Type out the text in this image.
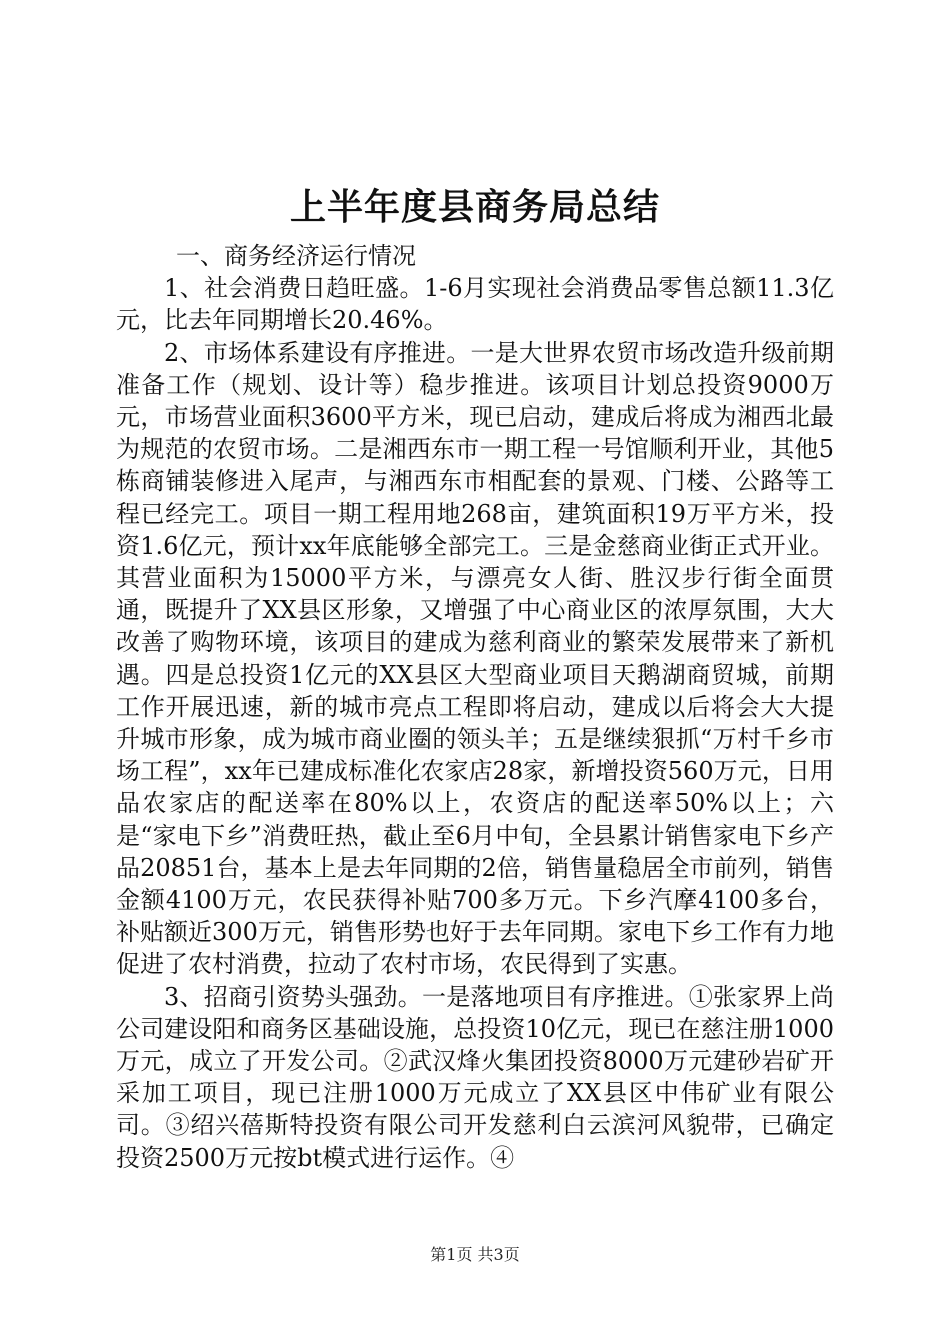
上半年度县商务局总结

一、商务经济运行情况

1、社会消费日趋旺盛。1-6月实现社会消费品零售总额11.3亿元，比去年同期增长20.46%。

2、市场体系建设有序推进。一是大世界农贸市场改造升级前期准备工作（规划、设计等）稳步推进。该项目计划总投资9000万元，市场营业面积3600平方米，现已启动，建成后将成为湘西北最为规范的农贸市场。二是湘西东市一期工程一号馆顺利开业，其他5栋商铺装修进入尾声，与湘西东市相配套的景观、门楼、公路等工程已经完工。项目一期工程用地268亩，建筑面积19万平方米，投资1.6亿元，预计xx年底能够全部完工。三是金慈商业街正式开业。其营业面积为15000平方米，与漂亮女人街、胜汉步行街全面贯通，既提升了XX县区形象，又增强了中心商业区的浓厚氛围，大大改善了购物环境，该项目的建成为慈利商业的繁荣发展带来了新机遇。四是总投资1亿元的XX县区大型商业项目天鹅湖商贸城，前期工作开展迅速，新的城市亮点工程即将启动，建成以后将会大大提升城市形象，成为城市商业圈的领头羊；五是继续狠抓“万村千乡市场工程”，xx年已建成标准化农家店28家，新增投资560万元，日用品农家店的配送率在80%以上，农资店的配送率50%以上；六是“家电下乡”消费旺热，截止至6月中旬，全县累计销售家电下乡产品20851台，基本上是去年同期的2倍，销售量稳居全市前列，销售金额4100万元，农民获得补贴700多万元。下乡汽摩4100多台，补贴额近300万元，销售形势也好于去年同期。家电下乡工作有力地促进了农村消费，拉动了农村市场，农民得到了实惠。

3、招商引资势头强劲。一是落地项目有序推进。①张家界上尚公司建设阳和商务区基础设施，总投资10亿元，现已在慈注册1000万元，成立了开发公司。②武汉烽火集团投资8000万元建砂岩矿开采加工项目，现已注册1000万元成立了XX县区中伟矿业有限公司。③绍兴蓓斯特投资有限公司开发慈利白云滨河风貌带，已确定投资2500万元按bt模式进行运作。④

第1页 共3页
